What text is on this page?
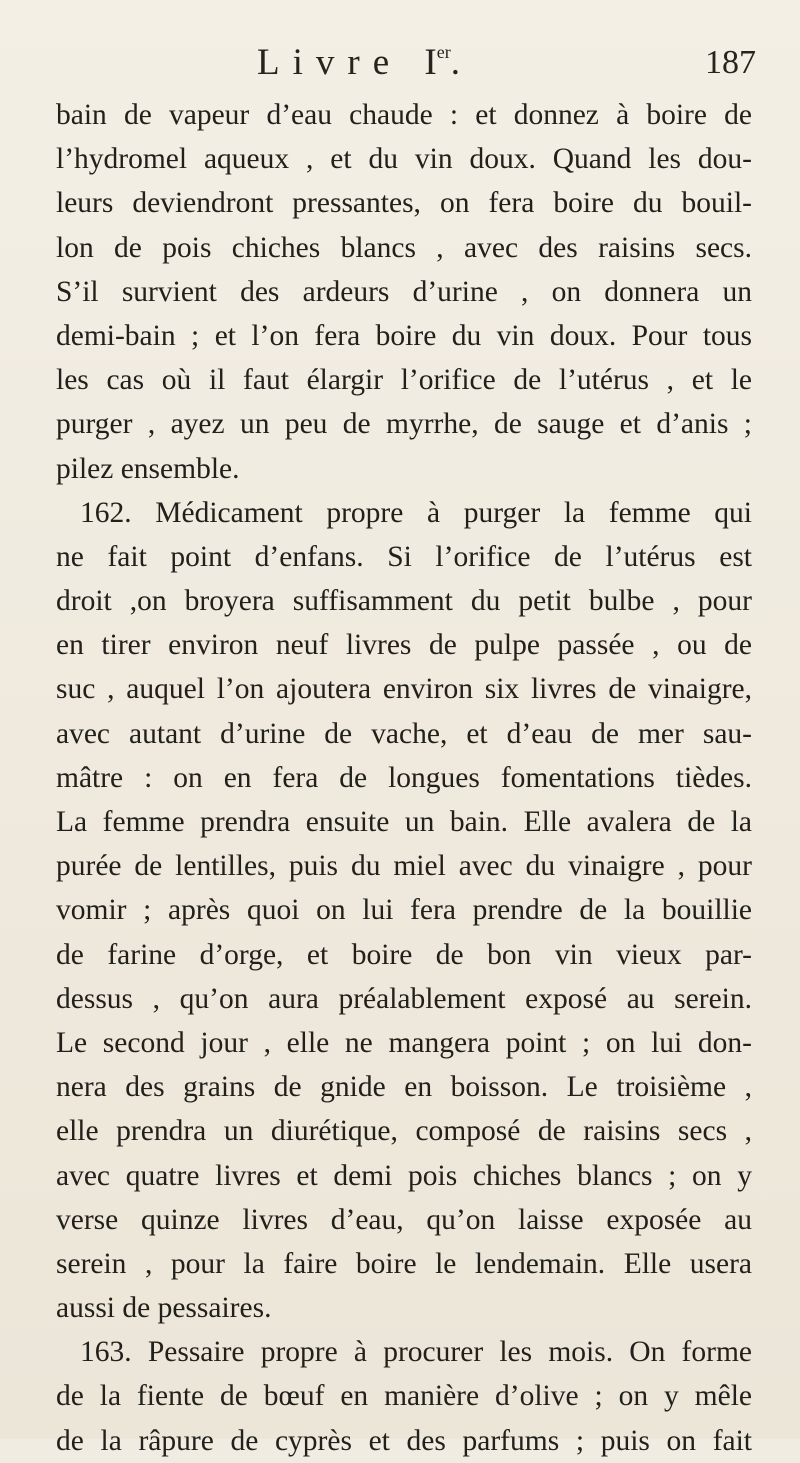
Livre Ier.	187
bain de vapeur d’eau chaude : et donnez à boire de
l’hydromel aqueux , et du vin doux. Quand les dou-
leurs deviendront pressantes, on fera boire du bouil-
lon de pois chiches blancs , avec des raisins secs.
S’il survient des ardeurs d’urine , on donnera un
demi-bain ; et l’on fera boire du vin doux. Pour tous
les cas où il faut élargir l’orifice de l’utérus , et le
purger , ayez un peu de myrrhe, de sauge et d’anis ;
pilez ensemble.
162. Médicament propre à purger la femme qui
ne fait point d’enfans. Si l’orifice de l’utérus est
droit ,on broyera suffisamment du petit bulbe , pour
en tirer environ neuf livres de pulpe passée , ou de
suc , auquel l’on ajoutera environ six livres de vinaigre,
avec autant d’urine de vache, et d’eau de mer sau-
mâtre : on en fera de longues fomentations tièdes.
La femme prendra ensuite un bain. Elle avalera de la
purée de lentilles, puis du miel avec du vinaigre , pour
vomir ; après quoi on lui fera prendre de la bouillie
de farine d’orge, et boire de bon vin vieux par-
dessus , qu’on aura préalablement exposé au serein.
Le second jour , elle ne mangera point ; on lui don-
nera des grains de gnide en boisson. Le troisième ,
elle prendra un diurétique, composé de raisins secs ,
avec quatre livres et demi pois chiches blancs ; on y
verse quinze livres d’eau, qu’on laisse exposée au
serein , pour la faire boire le lendemain. Elle usera
aussi de pessaires.
163. Pessaire propre à procurer les mois. On forme
de la fiente de bœuf en manière d’olive ; on y mêle
de la râpure de cyprès et des parfums ; puis on fait
